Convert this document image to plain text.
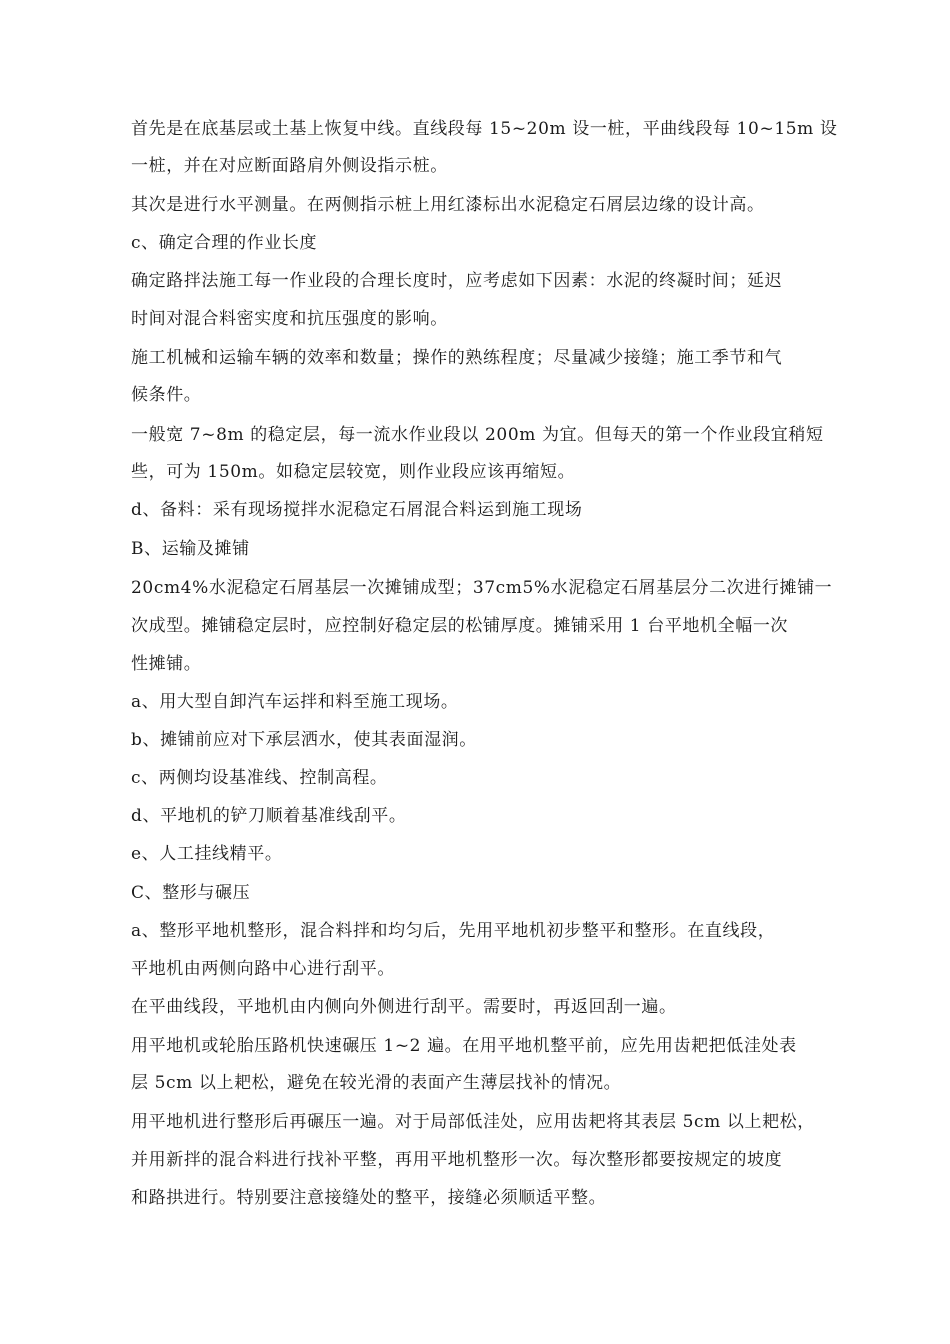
首先是在底基层或土基上恢复中线。直线段每 15~20m 设一桩，平曲线段每 10~15m 设
一桩，并在对应断面路肩外侧设指示桩。
其次是进行水平测量。在两侧指示桩上用红漆标出水泥稳定石屑层边缘的设计高。
c、确定合理的作业长度
确定路拌法施工每一作业段的合理长度时，应考虑如下因素：水泥的终凝时间；延迟
时间对混合料密实度和抗压强度的影响。
施工机械和运输车辆的效率和数量；操作的熟练程度；尽量减少接缝；施工季节和气
候条件。
一般宽 7~8m 的稳定层，每一流水作业段以 200m 为宜。但每天的第一个作业段宜稍短
些，可为 150m。如稳定层较宽，则作业段应该再缩短。
d、备料：采有现场搅拌水泥稳定石屑混合料运到施工现场
B、运输及摊铺
20cm4%水泥稳定石屑基层一次摊铺成型；37cm5%水泥稳定石屑基层分二次进行摊铺一
次成型。摊铺稳定层时，应控制好稳定层的松铺厚度。摊铺采用 1 台平地机全幅一次
性摊铺。
a、用大型自卸汽车运拌和料至施工现场。
b、摊铺前应对下承层洒水，使其表面湿润。
c、两侧均设基准线、控制高程。
d、平地机的铲刀顺着基准线刮平。
e、人工挂线精平。
C、整形与碾压
a、整形平地机整形，混合料拌和均匀后，先用平地机初步整平和整形。在直线段，
平地机由两侧向路中心进行刮平。
在平曲线段，平地机由内侧向外侧进行刮平。需要时，再返回刮一遍。
用平地机或轮胎压路机快速碾压 1~2 遍。在用平地机整平前，应先用齿耙把低洼处表
层 5cm 以上耙松，避免在较光滑的表面产生薄层找补的情况。
用平地机进行整形后再碾压一遍。对于局部低洼处，应用齿耙将其表层 5cm 以上耙松，
并用新拌的混合料进行找补平整，再用平地机整形一次。每次整形都要按规定的坡度
和路拱进行。特别要注意接缝处的整平，接缝必须顺适平整。
